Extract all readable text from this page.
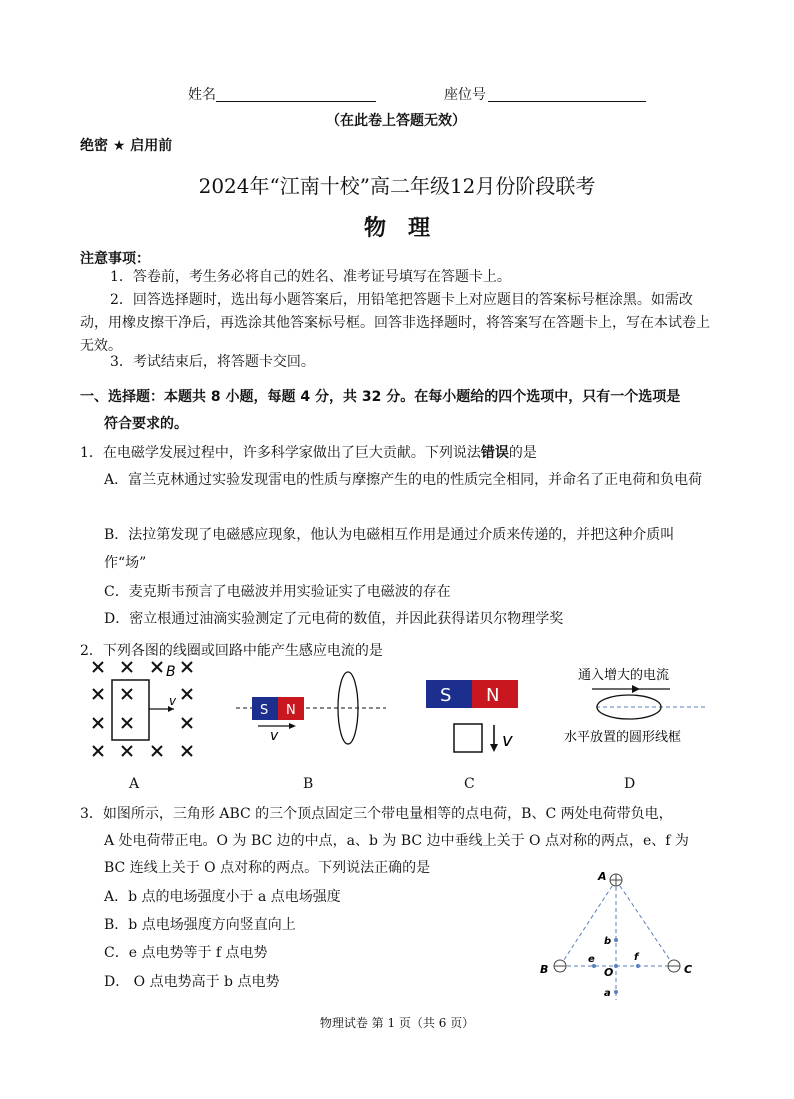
姓名	座位号
（在此卷上答题无效）
绝密 ★ 启用前
2024年“江南十校”高二年级12月份阶段联考
物　理
注意事项：
1．答卷前，考生务必将自己的姓名、准考证号填写在答题卡上。
2．回答选择题时，选出每小题答案后，用铅笔把答题卡上对应题目的答案标号框涂黑。如需改动，用橡皮擦干净后，再选涂其他答案标号框。回答非选择题时，将答案写在答题卡上，写在本试卷上无效。
3．考试结束后，将答题卡交回。
一、选择题：本题共 8 小题，每题 4 分，共 32 分。在每小题给的四个选项中，只有一个选项是
符合要求的。
1．在电磁学发展过程中，许多科学家做出了巨大贡献。下列说法错误的是
A．富兰克林通过实验发现雷电的性质与摩擦产生的电的性质完全相同，并命名了正电荷和负电荷
B．法拉第发现了电磁感应现象，他认为电磁相互作用是通过介质来传递的，并把这种介质叫作“场”
C．麦克斯韦预言了电磁波并用实验证实了电磁波的存在
D．密立根通过油滴实验测定了元电荷的数值，并因此获得诺贝尔物理学奖
2．下列各图的线圈或回路中能产生感应电流的是
B
v
A
S N
v
B
S N
v
C
通入增大的电流
水平放置的圆形线框
D
3．如图所示，三角形 ABC 的三个顶点固定三个带电量相等的点电荷，B、C 两处电荷带负电，
A 处电荷带正电。O 为 BC 边的中点，a、b 为 BC 边中垂线上关于 O 点对称的两点，e、f 为
BC 连线上关于 O 点对称的两点。下列说法正确的是
A．b 点的电场强度小于 a 点电场强度
B．b 点电场强度方向竖直向上
C．e 点电势等于 f 点电势
D． O 点电势高于 b 点电势
A
B	C
O
b
a
e	f
物理试卷 第 1 页（共 6 页）
